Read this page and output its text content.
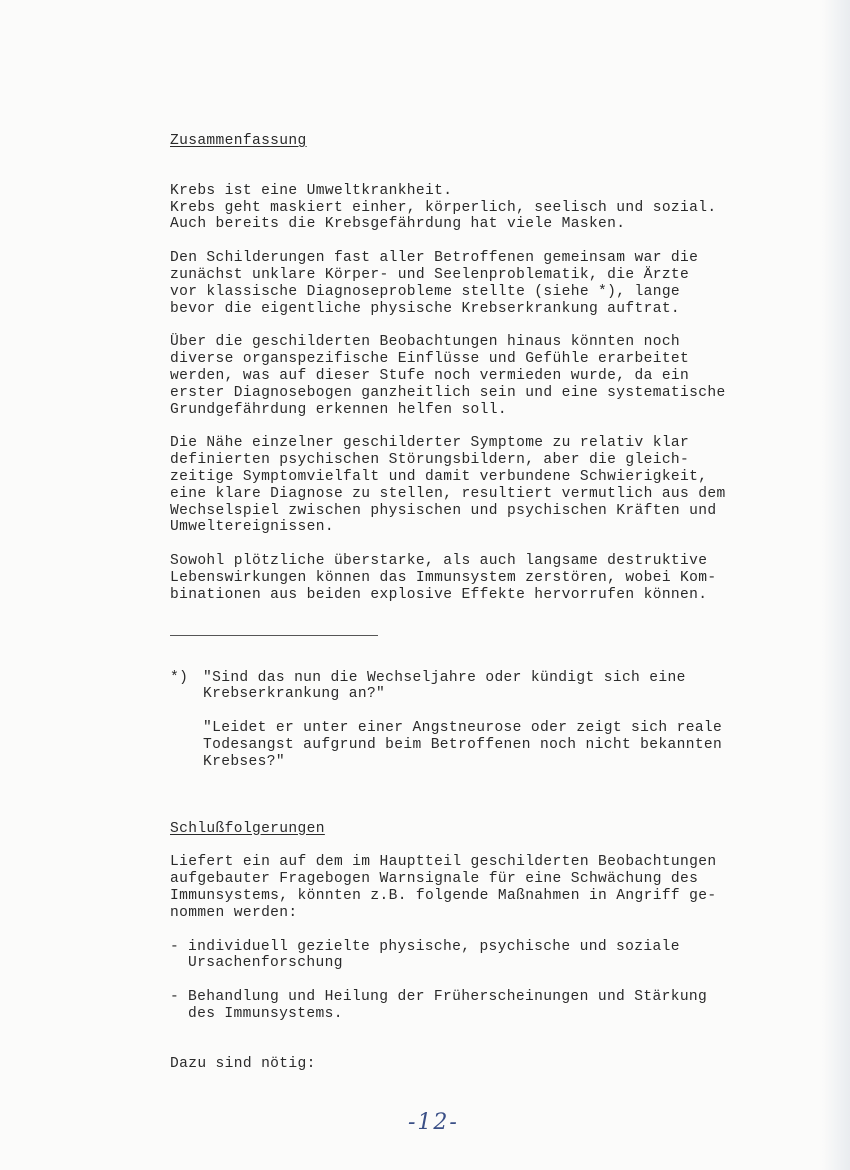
Zusammenfassung

Krebs ist eine Umweltkrankheit.
Krebs geht maskiert einher, körperlich, seelisch und sozial.
Auch bereits die Krebsgefährdung hat viele Masken.

Den Schilderungen fast aller Betroffenen gemeinsam war die
zunächst unklare Körper- und Seelenproblematik, die Ärzte
vor klassische Diagnoseprobleme stellte (siehe *), lange
bevor die eigentliche physische Krebserkrankung auftrat.

Über die geschilderten Beobachtungen hinaus könnten noch
diverse organspezifische Einflüsse und Gefühle erarbeitet
werden, was auf dieser Stufe noch vermieden wurde, da ein
erster Diagnosebogen ganzheitlich sein und eine systematische
Grundgefährdung erkennen helfen soll.

Die Nähe einzelner geschilderter Symptome zu relativ klar
definierten psychischen Störungsbildern, aber die gleich-
zeitige Symptomvielfalt und damit verbundene Schwierigkeit,
eine klare Diagnose zu stellen, resultiert vermutlich aus dem
Wechselspiel zwischen physischen und psychischen Kräften und
Umweltereignissen.

Sowohl plötzliche überstarke, als auch langsame destruktive
Lebenswirkungen können das Immunsystem zerstören, wobei Kom-
binationen aus beiden explosive Effekte hervorrufen können.

*)	"Sind das nun die Wechseljahre oder kündigt sich eine
Krebserkrankung an?"
"Leidet er unter einer Angstneurose oder zeigt sich reale
Todesangst aufgrund beim Betroffenen noch nicht bekannten
Krebses?"

Schlußfolgerungen

Liefert ein auf dem im Hauptteil geschilderten Beobachtungen
aufgebauter Fragebogen Warnsignale für eine Schwächung des
Immunsystems, könnten z.B. folgende Maßnahmen in Angriff ge-
nommen werden:

- individuell gezielte physische, psychische und soziale
Ursachenforschung
- Behandlung und Heilung der Früherscheinungen und Stärkung
des Immunsystems.

Dazu sind nötig:

-12-
